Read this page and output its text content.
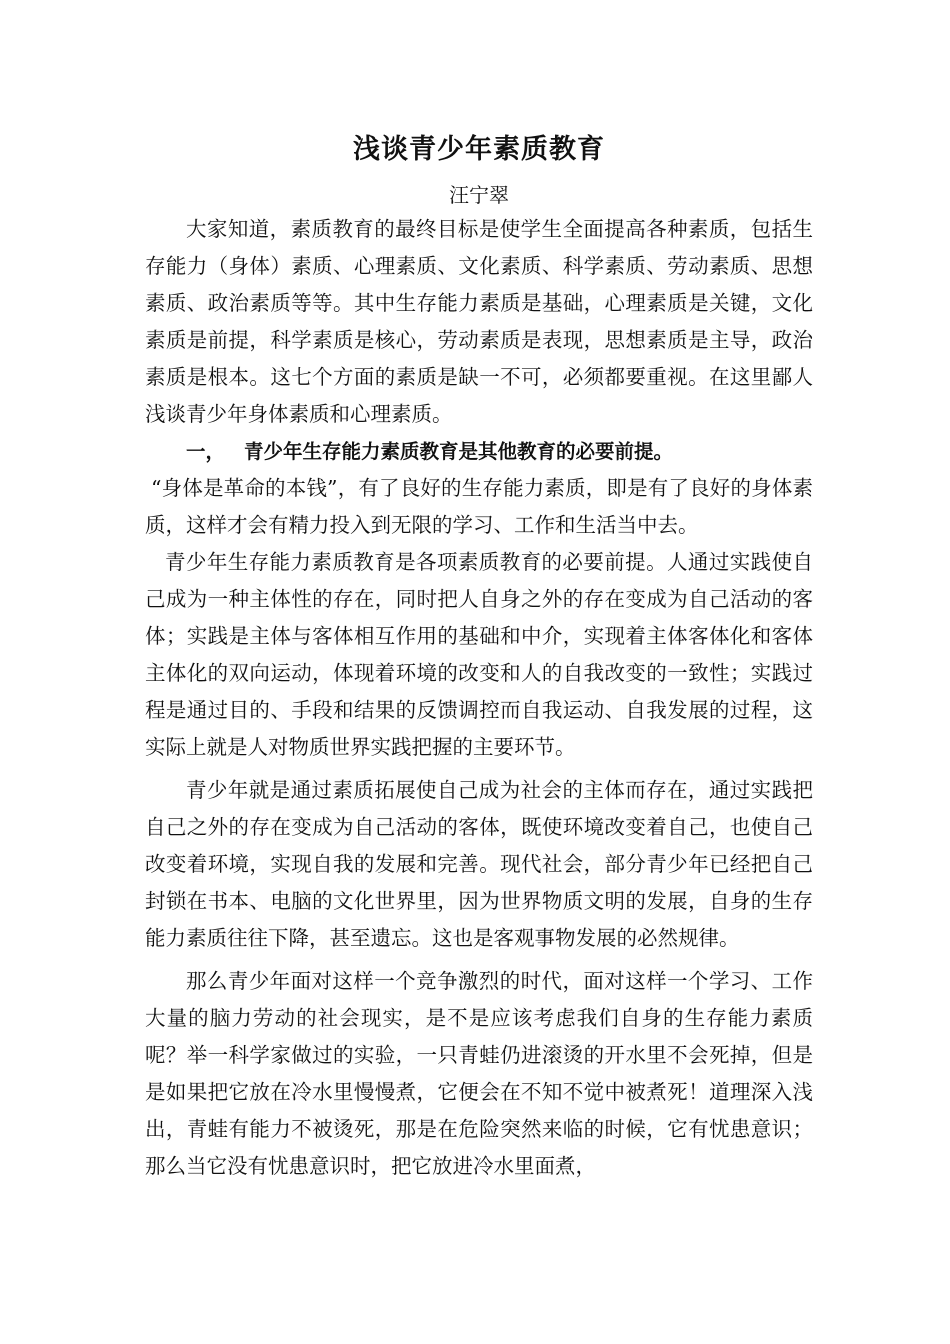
浅谈青少年素质教育
汪宁翠

大家知道，素质教育的最终目标是使学生全面提高各种素质，包括生存能力（身体）素质、心理素质、文化素质、科学素质、劳动素质、思想素质、政治素质等等。其中生存能力素质是基础，心理素质是关键，文化素质是前提，科学素质是核心，劳动素质是表现，思想素质是主导，政治素质是根本。这七个方面的素质是缺一不可，必须都要重视。在这里鄙人浅谈青少年身体素质和心理素质。

一， 青少年生存能力素质教育是其他教育的必要前提。

“身体是革命的本钱”，有了良好的生存能力素质，即是有了良好的身体素质，这样才会有精力投入到无限的学习、工作和生活当中去。

青少年生存能力素质教育是各项素质教育的必要前提。人通过实践使自己成为一种主体性的存在，同时把人自身之外的存在变成为自己活动的客体；实践是主体与客体相互作用的基础和中介，实现着主体客体化和客体主体化的双向运动，体现着环境的改变和人的自我改变的一致性；实践过程是通过目的、手段和结果的反馈调控而自我运动、自我发展的过程，这实际上就是人对物质世界实践把握的主要环节。

青少年就是通过素质拓展使自己成为社会的主体而存在，通过实践把自己之外的存在变成为自己活动的客体，既使环境改变着自己，也使自己改变着环境，实现自我的发展和完善。现代社会，部分青少年已经把自己封锁在书本、电脑的文化世界里，因为世界物质文明的发展，自身的生存能力素质往往下降，甚至遗忘。这也是客观事物发展的必然规律。

那么青少年面对这样一个竞争激烈的时代，面对这样一个学习、工作大量的脑力劳动的社会现实，是不是应该考虑我们自身的生存能力素质呢？举一科学家做过的实验，一只青蛙仍进滚烫的开水里不会死掉，但是是如果把它放在冷水里慢慢煮，它便会在不知不觉中被煮死！道理深入浅出，青蛙有能力不被烫死，那是在危险突然来临的时候，它有忧患意识；那么当它没有忧患意识时，把它放进冷水里面煮，
